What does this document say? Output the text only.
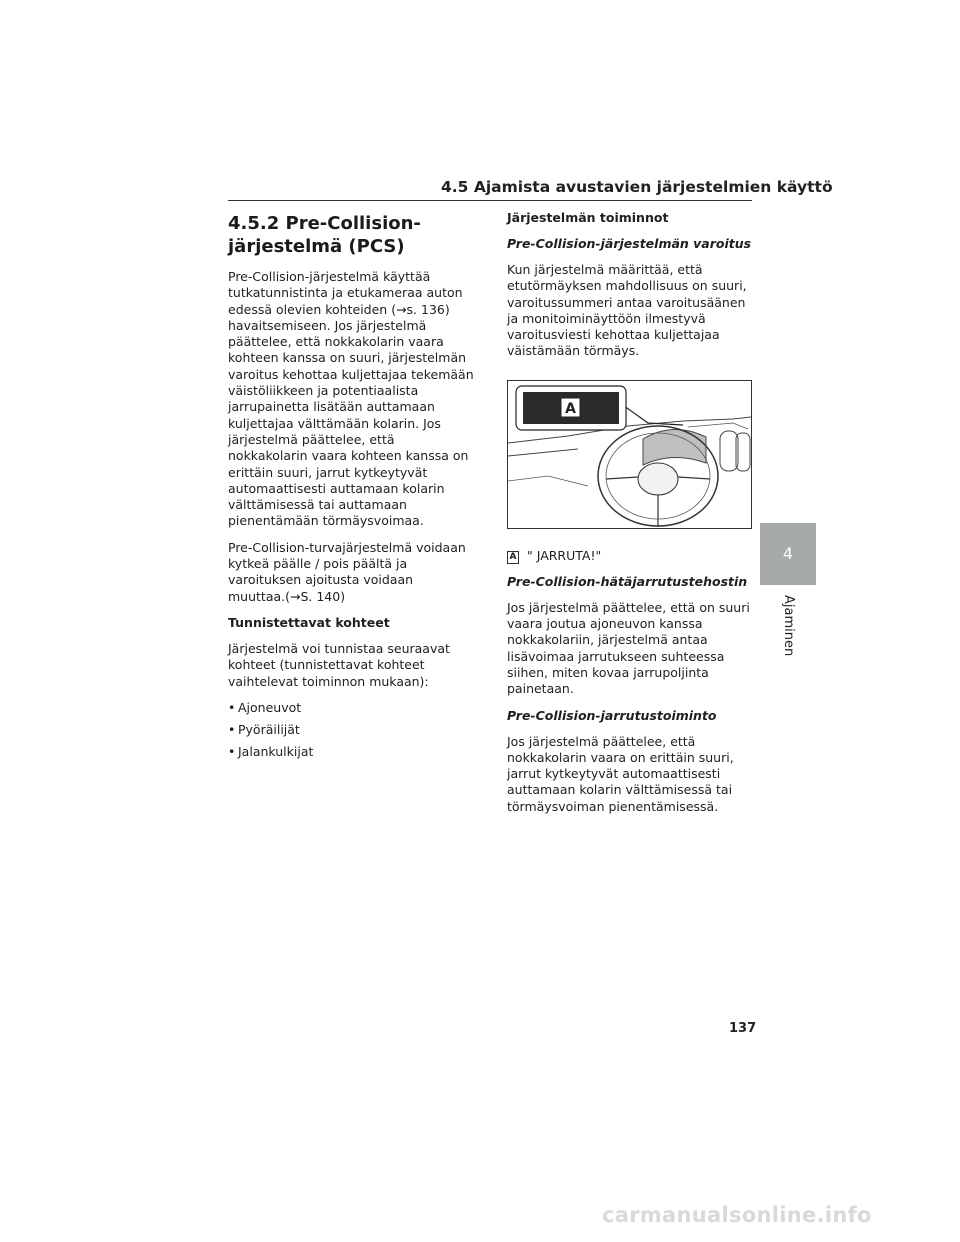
4.5 Ajamista avustavien järjestelmien käyttö
4.5.2 Pre-Collision-järjestelmä (PCS)

Pre-Collision-järjestelmä käyttää tutkatunnistinta ja etukameraa auton edessä olevien kohteiden (→s. 136) havaitsemiseen. Jos järjestelmä päättelee, että nokkakolarin vaara kohteen kanssa on suuri, järjestelmän varoitus kehottaa kuljettajaa tekemään väistöliikkeen ja potentiaalista jarrupainetta lisätään auttamaan kuljettajaa välttämään kolarin. Jos järjestelmä päättelee, että nokkakolarin vaara kohteen kanssa on erittäin suuri, jarrut kytkeytyvät automaattisesti auttamaan kolarin välttämisessä tai auttamaan pienentämään törmäysvoimaa.

Pre-Collision-turvajärjestelmä voidaan kytkeä päälle / pois päältä ja varoituksen ajoitusta voidaan muuttaa.(→S. 140)

Tunnistettavat kohteet

Järjestelmä voi tunnistaa seuraavat kohteet (tunnistettavat kohteet vaihtelevat toiminnon mukaan):

• Ajoneuvot
• Pyöräilijät
• Jalankulkijat
Järjestelmän toiminnot
Pre-Collision-järjestelmän varoitus

Kun järjestelmä määrittää, että etutörmäyksen mahdollisuus on suuri, varoitussummeri antaa varoitusäänen ja monitoiminäyttöön ilmestyvä varoitusviesti kehottaa kuljettajaa väistämään törmäys.

A
A " JARRUTA!"
Pre-Collision-hätäjarrutustehostin

Jos järjestelmä päättelee, että on suuri vaara joutua ajoneuvon kanssa nokkakolariin, järjestelmä antaa lisävoimaa jarrutukseen suhteessa siihen, miten kovaa jarrupoljinta painetaan.

Pre-Collision-jarrutustoiminto

Jos järjestelmä päättelee, että nokkakolarin vaara on erittäin suuri, jarrut kytkeytyvät automaattisesti auttamaan kolarin välttämisessä tai törmäysvoiman pienentämisessä.

4
Ajaminen
137
carmanualsonline.info
